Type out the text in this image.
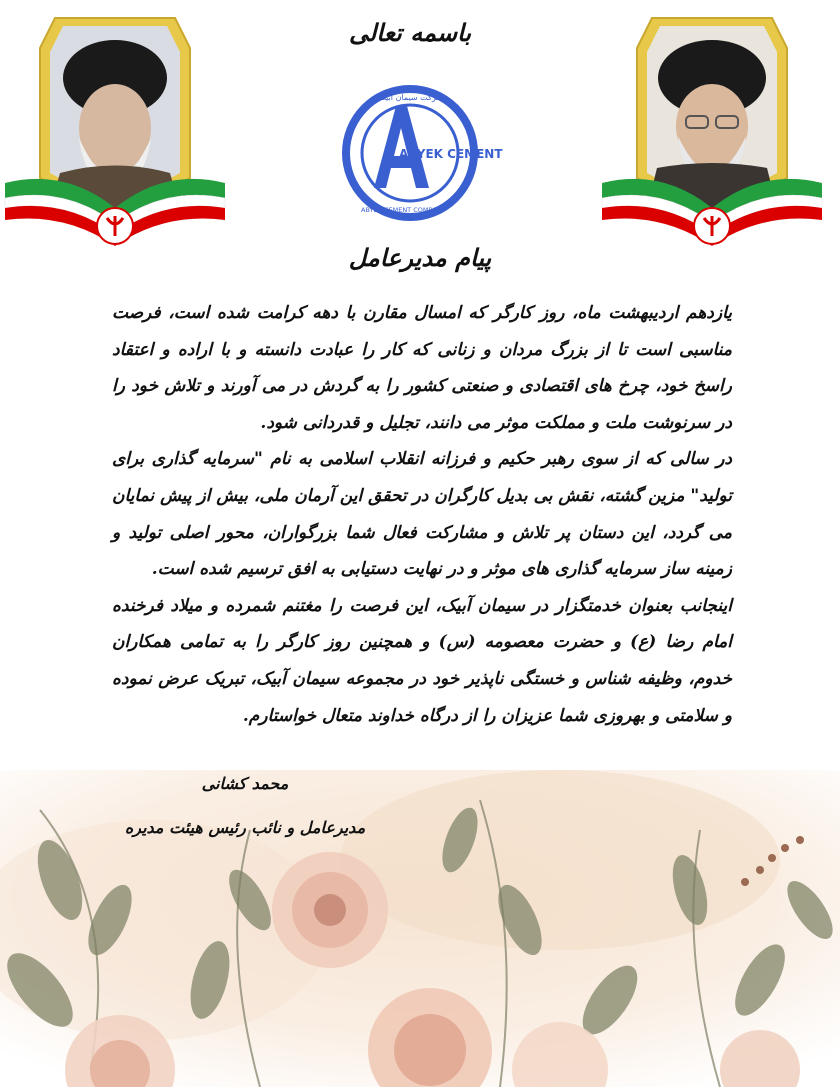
باسمه تعالی
شرکت سیمان آبیک
ABYEK CEMENT
ABYEK CEMENT COMPANY
پیام مدیرعامل

یازدهم اردیبهشت ماه، روز کارگر که امسال مقارن با دهه کرامت شده است، فرصت مناسبی است تا از بزرگ مردان و زنانی که کار را عبادت دانسته و با اراده و اعتقاد راسخ خود، چرخ های اقتصادی و صنعتی کشور را به گردش در می آورند و تلاش خود را در سرنوشت ملت و مملکت موثر می دانند، تجلیل و قدردانی شود.

در سالی که از سوی رهبر حکیم و فرزانه انقلاب اسلامی به نام "سرمایه گذاری برای تولید" مزین گشته، نقش بی بدیل کارگران در تحقق این آرمان ملی، بیش از پیش نمایان می گردد، این دستان پر تلاش و مشارکت فعال شما بزرگواران، محور اصلی تولید و زمینه ساز سرمایه گذاری های موثر و در نهایت دستیابی به افق ترسیم شده است.

اینجانب بعنوان خدمتگزار در سیمان آبیک، این فرصت را مغتنم شمرده و میلاد فرخنده امام رضا (ع) و حضرت معصومه (س) و همچنین روز کارگر را به تمامی همکاران خدوم، وظیفه شناس و خستگی ناپذیر خود در مجموعه سیمان آبیک، تبریک عرض نموده و سلامتی و بهروزی شما عزیزان را از درگاه خداوند متعال خواستارم.

محمد کشانی
مدیرعامل و نائب رئیس هیئت مدیره
